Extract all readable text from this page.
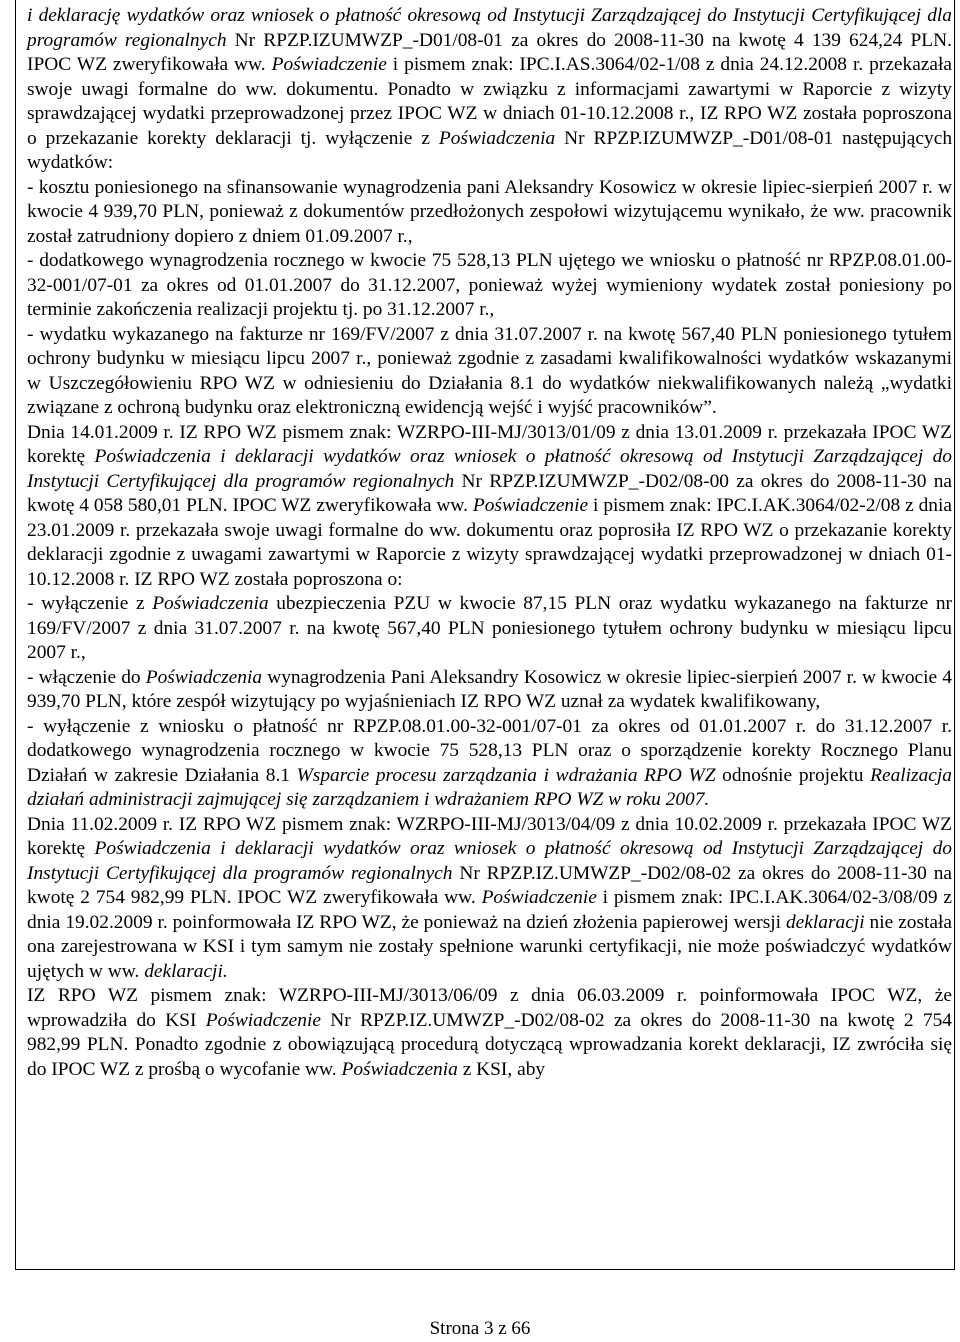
i deklarację wydatków oraz wniosek o płatność okresową od Instytucji Zarządzającej do Instytucji Certyfikującej dla programów regionalnych Nr RPZP.IZUMWZP_-D01/08-01 za okres do 2008-11-30 na kwotę 4 139 624,24 PLN. IPOC WZ zweryfikowała ww. Poświadczenie i pismem znak: IPC.I.AS.3064/02-1/08 z dnia 24.12.2008 r. przekazała swoje uwagi formalne do ww. dokumentu. Ponadto w związku z informacjami zawartymi w Raporcie z wizyty sprawdzającej wydatki przeprowadzonej przez IPOC WZ w dniach 01-10.12.2008 r., IZ RPO WZ została poproszona o przekazanie korekty deklaracji tj. wyłączenie z Poświadczenia Nr RPZP.IZUMWZP_-D01/08-01 następujących wydatków:

- kosztu poniesionego na sfinansowanie wynagrodzenia pani Aleksandry Kosowicz w okresie lipiec-sierpień 2007 r. w kwocie 4 939,70 PLN, ponieważ z dokumentów przedłożonych zespołowi wizytującemu wynikało, że ww. pracownik został zatrudniony dopiero z dniem 01.09.2007 r.,

- dodatkowego wynagrodzenia rocznego w kwocie 75 528,13 PLN ujętego we wniosku o płatność nr RPZP.08.01.00-32-001/07-01 za okres od 01.01.2007 do 31.12.2007, ponieważ wyżej wymieniony wydatek został poniesiony po terminie zakończenia realizacji projektu tj. po 31.12.2007 r.,

- wydatku wykazanego na fakturze nr 169/FV/2007 z dnia 31.07.2007 r. na kwotę 567,40 PLN poniesionego tytułem ochrony budynku w miesiącu lipcu 2007 r., ponieważ zgodnie z zasadami kwalifikowalności wydatków wskazanymi w Uszczegółowieniu RPO WZ w odniesieniu do Działania 8.1 do wydatków niekwalifikowanych należą „wydatki związane z ochroną budynku oraz elektroniczną ewidencją wejść i wyjść pracowników”.

Dnia 14.01.2009 r. IZ RPO WZ pismem znak: WZRPO-III-MJ/3013/01/09 z dnia 13.01.2009 r. przekazała IPOC WZ korektę Poświadczenia i deklaracji wydatków oraz wniosek o płatność okresową od Instytucji Zarządzającej do Instytucji Certyfikującej dla programów regionalnych Nr RPZP.IZUMWZP_-D02/08-00 za okres do 2008-11-30 na kwotę 4 058 580,01 PLN. IPOC WZ zweryfikowała ww. Poświadczenie i pismem znak: IPC.I.AK.3064/02-2/08 z dnia 23.01.2009 r. przekazała swoje uwagi formalne do ww. dokumentu oraz poprosiła IZ RPO WZ o przekazanie korekty deklaracji zgodnie z uwagami zawartymi w Raporcie z wizyty sprawdzającej wydatki przeprowadzonej w dniach 01-10.12.2008 r. IZ RPO WZ została poproszona o:

- wyłączenie z Poświadczenia ubezpieczenia PZU w kwocie 87,15 PLN oraz wydatku wykazanego na fakturze nr 169/FV/2007 z dnia 31.07.2007 r. na kwotę 567,40 PLN poniesionego tytułem ochrony budynku w miesiącu lipcu 2007 r.,

- włączenie do Poświadczenia wynagrodzenia Pani Aleksandry Kosowicz w okresie lipiec-sierpień 2007 r. w kwocie 4 939,70 PLN, które zespół wizytujący po wyjaśnieniach IZ RPO WZ uznał za wydatek kwalifikowany,

- wyłączenie z wniosku o płatność nr RPZP.08.01.00-32-001/07-01 za okres od 01.01.2007 r. do 31.12.2007 r. dodatkowego wynagrodzenia rocznego w kwocie 75 528,13 PLN oraz o sporządzenie korekty Rocznego Planu Działań w zakresie Działania 8.1 Wsparcie procesu zarządzania i wdrażania RPO WZ odnośnie projektu Realizacja działań administracji zajmującej się zarządzaniem i wdrażaniem RPO WZ w roku 2007.

Dnia 11.02.2009 r. IZ RPO WZ pismem znak: WZRPO-III-MJ/3013/04/09 z dnia 10.02.2009 r. przekazała IPOC WZ korektę Poświadczenia i deklaracji wydatków oraz wniosek o płatność okresową od Instytucji Zarządzającej do Instytucji Certyfikującej dla programów regionalnych Nr RPZP.IZ.UMWZP_-D02/08-02 za okres do 2008-11-30 na kwotę 2 754 982,99 PLN. IPOC WZ zweryfikowała ww. Poświadczenie i pismem znak: IPC.I.AK.3064/02-3/08/09 z dnia 19.02.2009 r. poinformowała IZ RPO WZ, że ponieważ na dzień złożenia papierowej wersji deklaracji nie została ona zarejestrowana w KSI i tym samym nie zostały spełnione warunki certyfikacji, nie może poświadczyć wydatków ujętych w ww. deklaracji.

IZ RPO WZ pismem znak: WZRPO-III-MJ/3013/06/09 z dnia 06.03.2009 r. poinformowała IPOC WZ, że wprowadziła do KSI Poświadczenie Nr RPZP.IZ.UMWZP_-D02/08-02 za okres do 2008-11-30 na kwotę 2 754 982,99 PLN. Ponadto zgodnie z obowiązującą procedurą dotyczącą wprowadzania korekt deklaracji, IZ zwróciła się do IPOC WZ z prośbą o wycofanie ww. Poświadczenia z KSI, aby

Strona 3 z 66
